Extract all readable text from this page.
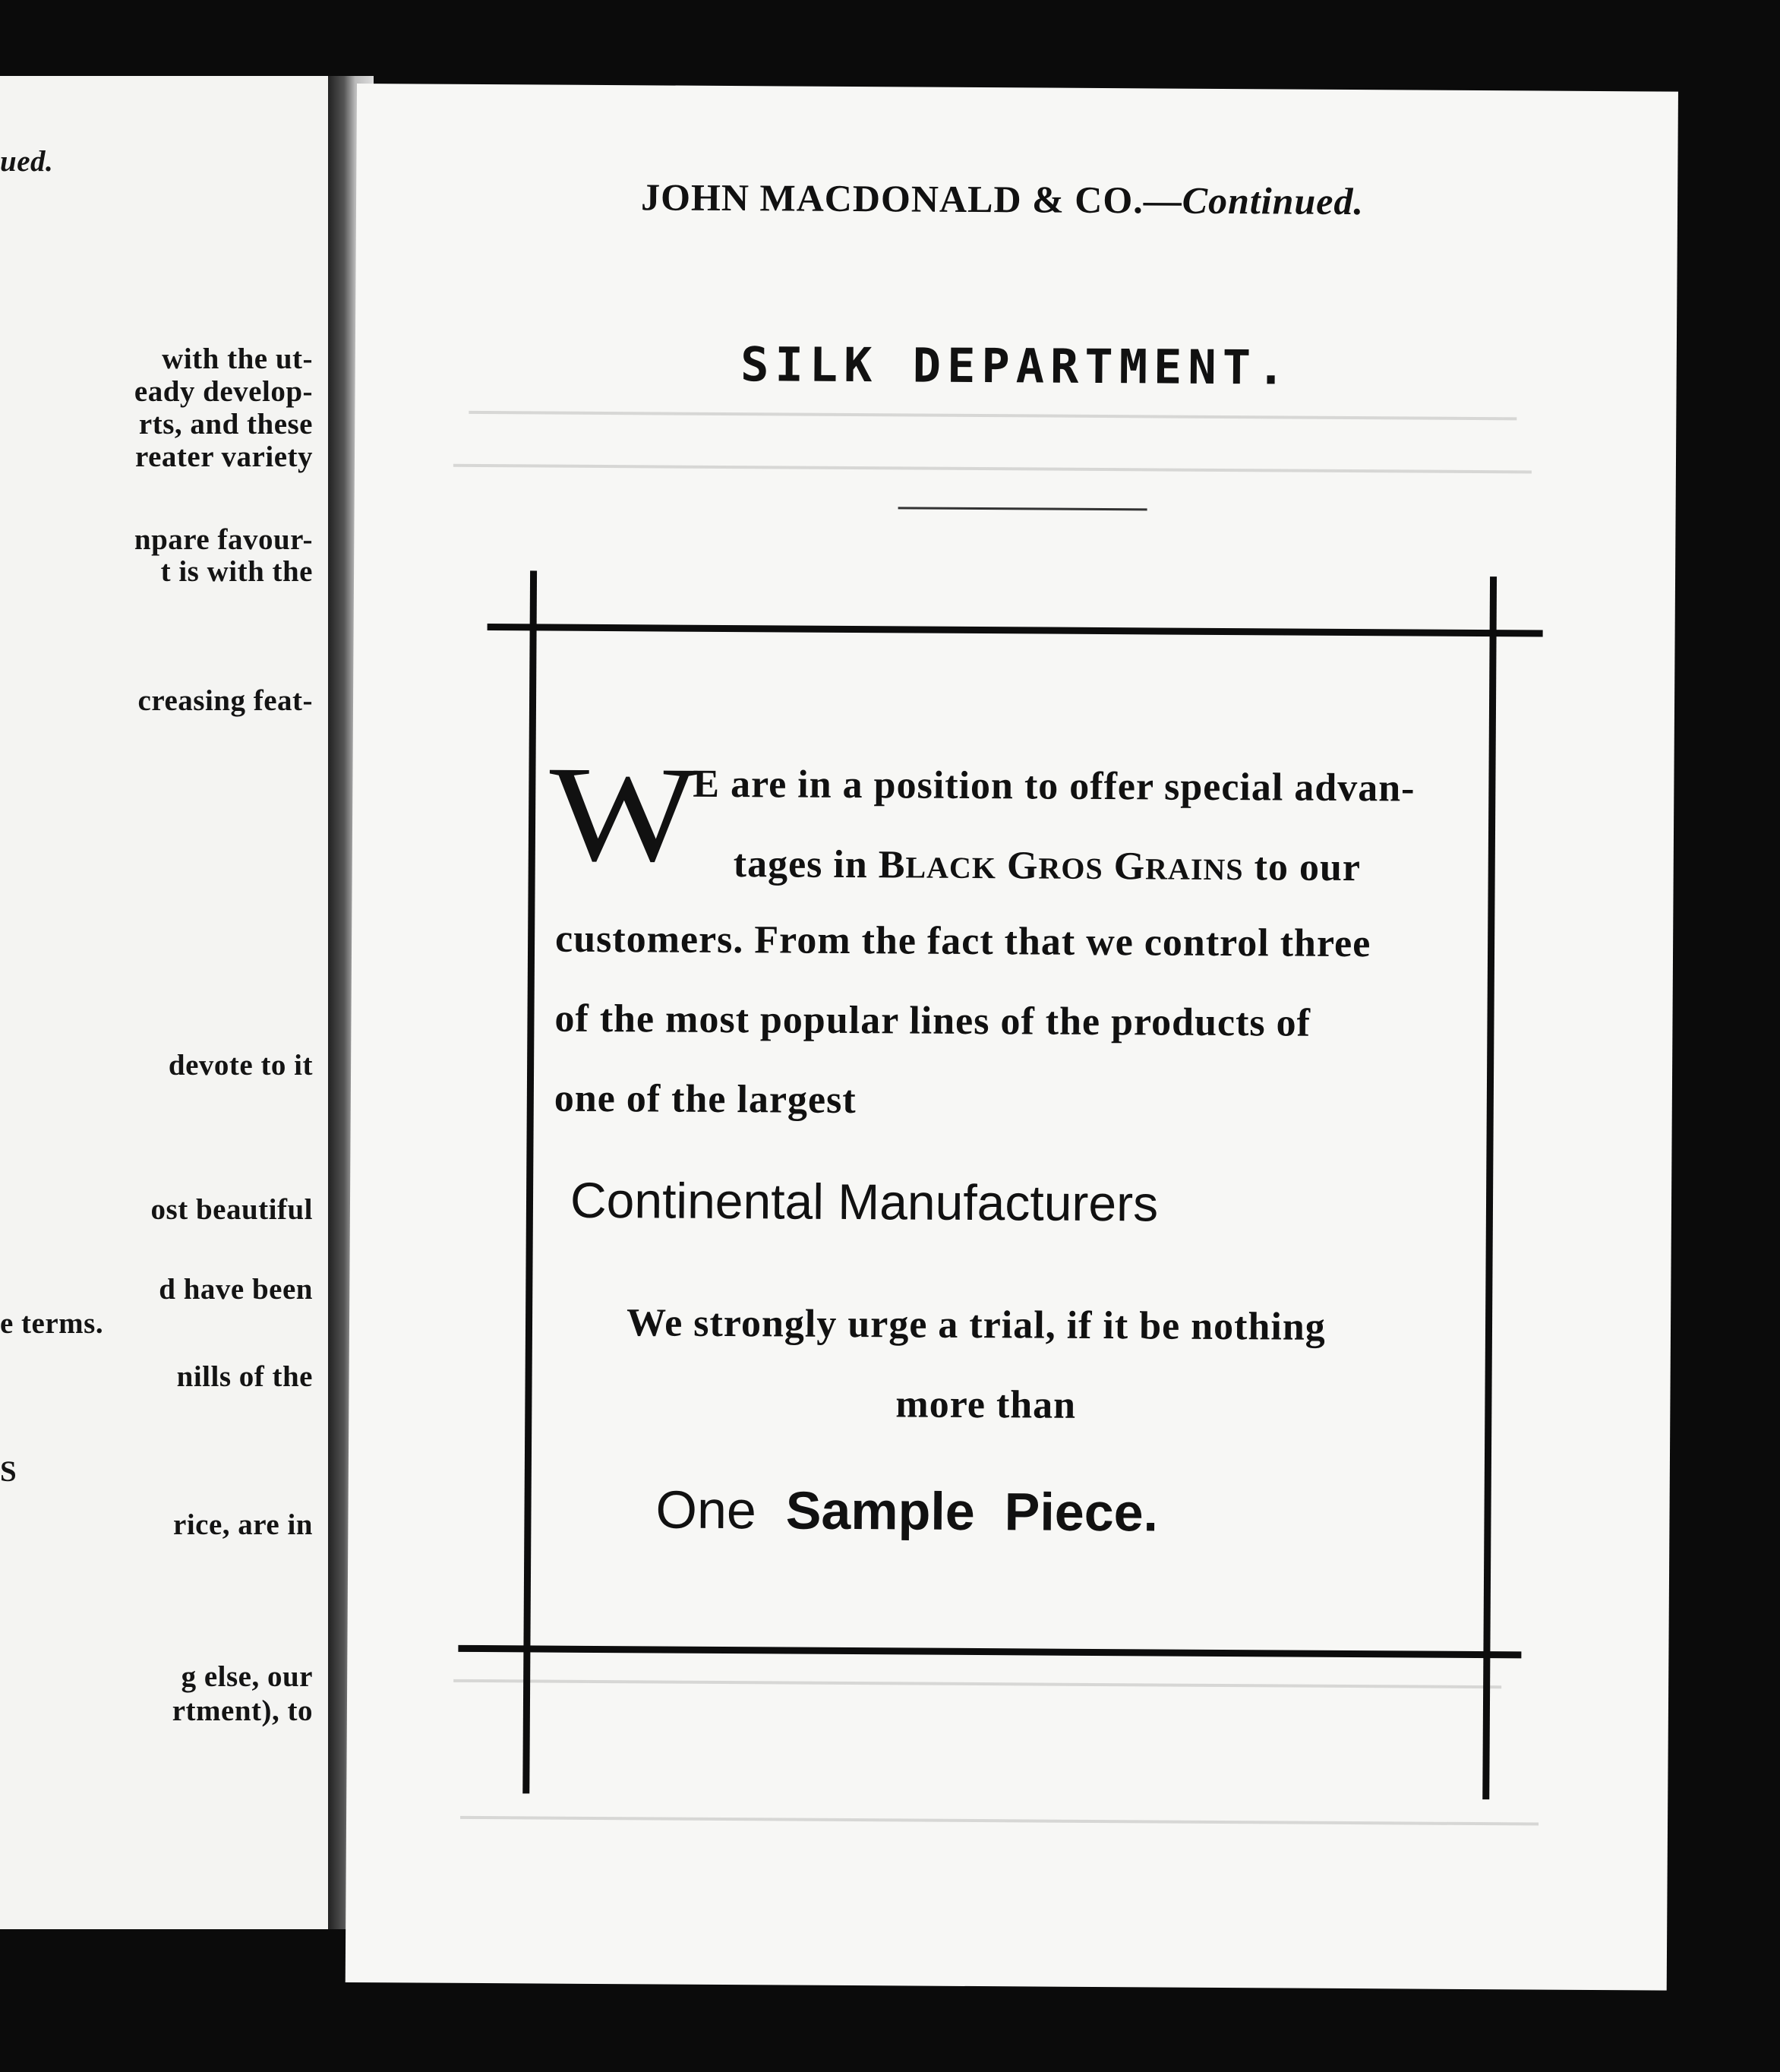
ued.
with the ut-
eady develop-
rts, and these
reater variety
npare favour-
t is with the
creasing feat-
devote to it
ost beautiful
d have been
e terms.
nills of the
S
rice, are in
g else, our
rtment), to
JOHN MACDONALD & CO.—Continued.
SILK DEPARTMENT.
W
E are in a position to offer special advan-
tages in BLACK GROS GRAINS to our
customers. From the fact that we control three
of the most popular lines of the products of
one of the largest
Continental Manufacturers
We strongly urge a trial, if it be nothing
more than
One Sample Piece.
